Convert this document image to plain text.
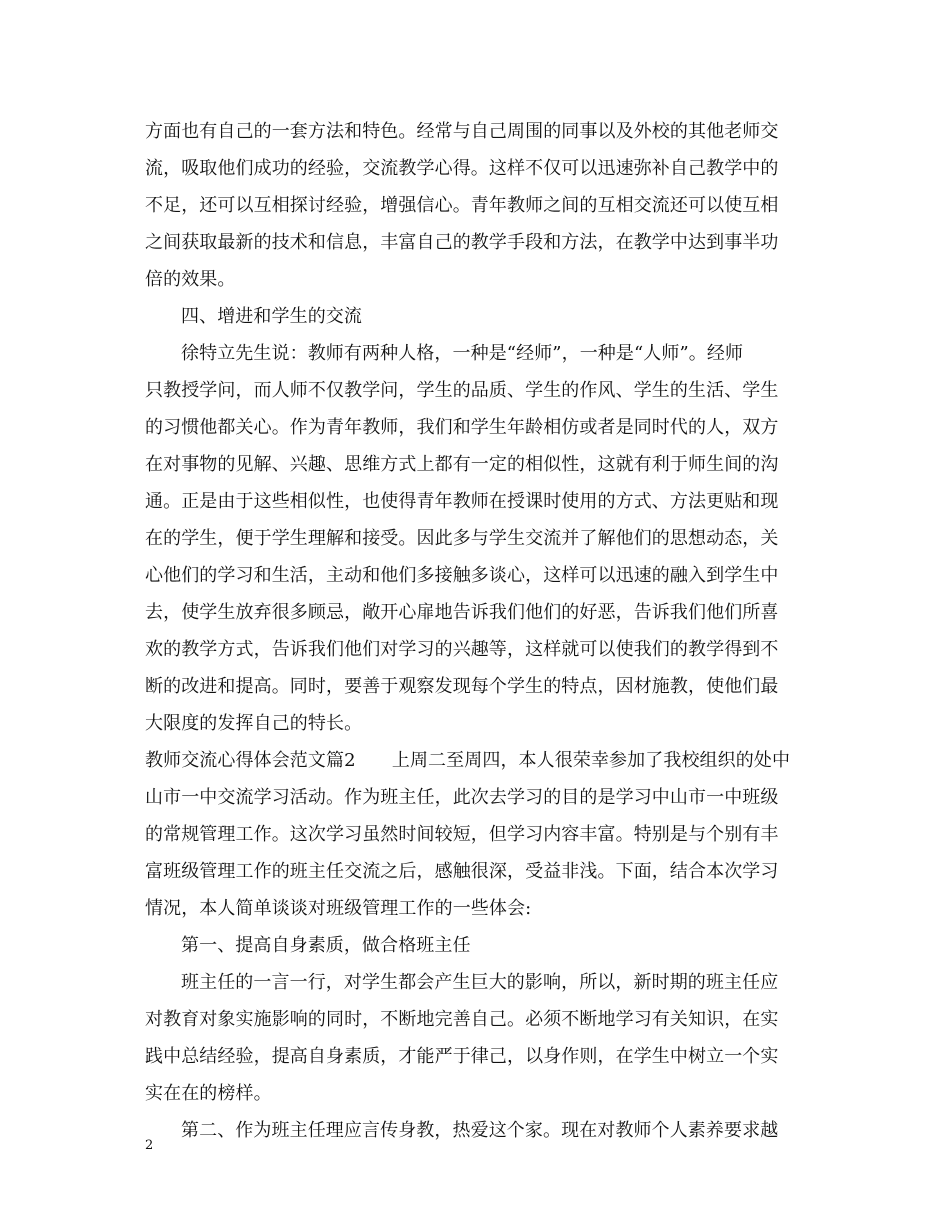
方面也有自己的一套方法和特色。经常与自己周围的同事以及外校的其他老师交
流，吸取他们成功的经验，交流教学心得。这样不仅可以迅速弥补自己教学中的
不足，还可以互相探讨经验，增强信心。青年教师之间的互相交流还可以使互相
之间获取最新的技术和信息，丰富自己的教学手段和方法，在教学中达到事半功
倍的效果。
四、增进和学生的交流
徐特立先生说：教师有两种人格，一种是“经师”，一种是“人师”。经师
只教授学问，而人师不仅教学问，学生的品质、学生的作风、学生的生活、学生
的习惯他都关心。作为青年教师，我们和学生年龄相仿或者是同时代的人，双方
在对事物的见解、兴趣、思维方式上都有一定的相似性，这就有利于师生间的沟
通。正是由于这些相似性，也使得青年教师在授课时使用的方式、方法更贴和现
在的学生，便于学生理解和接受。因此多与学生交流并了解他们的思想动态，关
心他们的学习和生活，主动和他们多接触多谈心，这样可以迅速的融入到学生中
去，使学生放弃很多顾忌，敞开心扉地告诉我们他们的好恶，告诉我们他们所喜
欢的教学方式，告诉我们他们对学习的兴趣等，这样就可以使我们的教学得到不
断的改进和提高。同时，要善于观察发现每个学生的特点，因材施教，使他们最
大限度的发挥自己的特长。
教师交流心得体会范文篇2　　上周二至周四，本人很荣幸参加了我校组织的处中
山市一中交流学习活动。作为班主任，此次去学习的目的是学习中山市一中班级
的常规管理工作。这次学习虽然时间较短，但学习内容丰富。特别是与个别有丰
富班级管理工作的班主任交流之后，感触很深，受益非浅。下面，结合本次学习
情况，本人简单谈谈对班级管理工作的一些体会:
第一、提高自身素质，做合格班主任
班主任的一言一行，对学生都会产生巨大的影响，所以，新时期的班主任应
对教育对象实施影响的同时，不断地完善自己。必须不断地学习有关知识，在实
践中总结经验，提高自身素质，才能严于律己，以身作则，在学生中树立一个实
实在在的榜样。
第二、作为班主任理应言传身教，热爱这个家。现在对教师个人素养要求越
2
